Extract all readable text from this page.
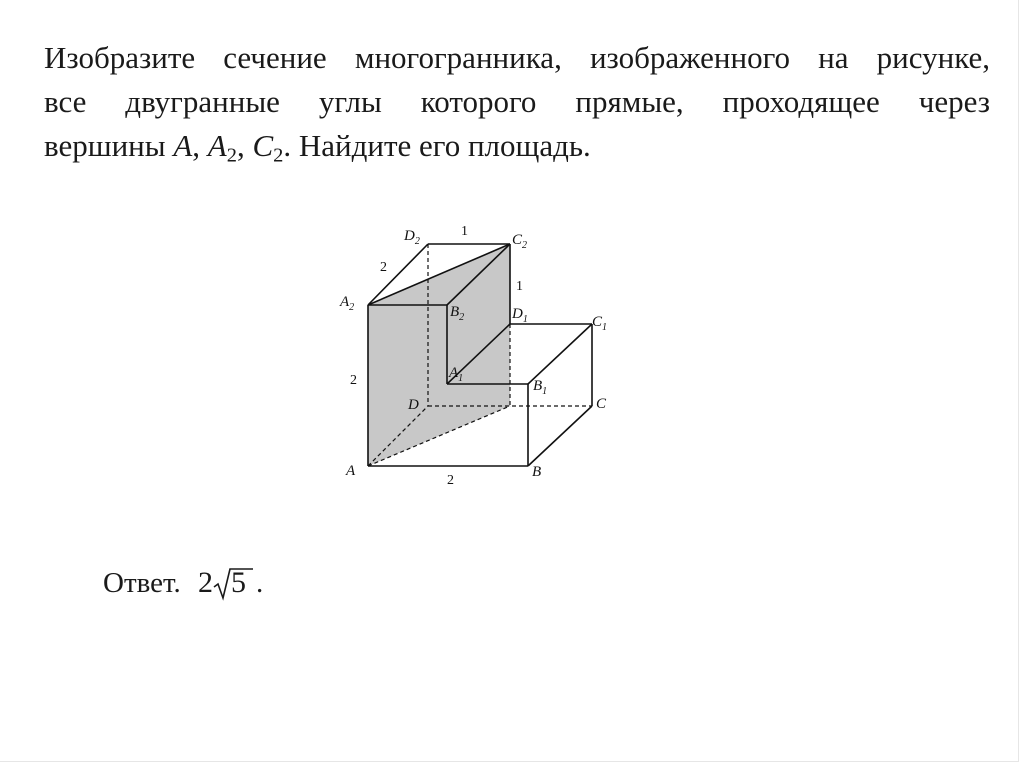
Изобразите сечение многогранника, изображенного на рисунке,
все двугранные углы которого прямые, проходящее через
вершины A, $A_2$, $C_2$. Найдите его площадь.
$D_2$	$C_2$
$A_2$	$B_2$	$D_1$	$C_1$
$A_1$	$B_1$
D	C
A	B
1
2
1
2
2
Ответ. 2 5 .
